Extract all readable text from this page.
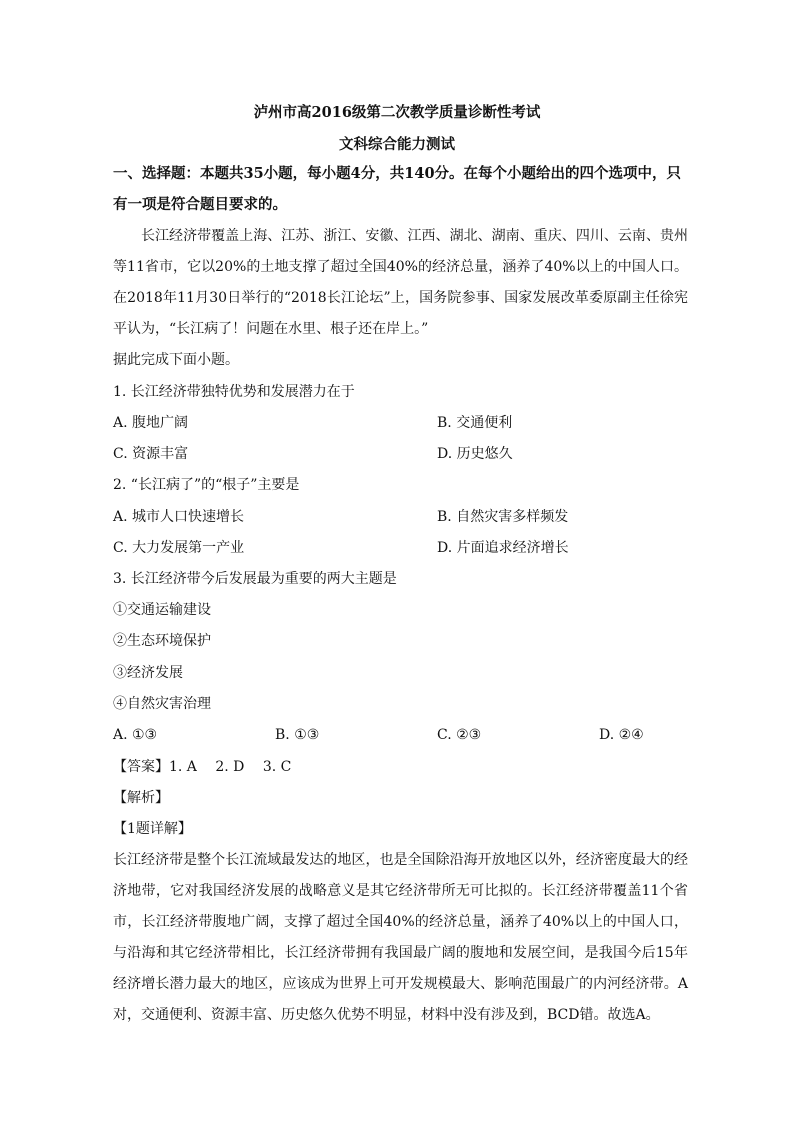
泸州市高2016级第二次教学质量诊断性考试
文科综合能力测试

一、选择题：本题共35小题，每小题4分，共140分。在每个小题给出的四个选项中，只有一项是符合题目要求的。

长江经济带覆盖上海、江苏、浙江、安徽、江西、湖北、湖南、重庆、四川、云南、贵州等11省市，它以20%的土地支撑了超过全国40%的经济总量，涵养了40%以上的中国人口。在2018年11月30日举行的“2018长江论坛”上，国务院参事、国家发展改革委原副主任徐宪平认为，“长江病了！问题在水里、根子还在岸上。”

据此完成下面小题。
1. 长江经济带独特优势和发展潜力在于
A. 腹地广阔	B. 交通便利
C. 资源丰富	D. 历史悠久
2. “长江病了”的“根子”主要是
A. 城市人口快速增长	B. 自然灾害多样频发
C. 大力发展第一产业	D. 片面追求经济增长
3. 长江经济带今后发展最为重要的两大主题是
①交通运输建设
②生态环境保护
③经济发展
④自然灾害治理
A. ①③	B. ①③	C. ②③	D. ②④
【答案】1. A　 2. D　 3. C
【解析】
【1题详解】

长江经济带是整个长江流域最发达的地区，也是全国除沿海开放地区以外，经济密度最大的经济地带，它对我国经济发展的战略意义是其它经济带所无可比拟的。长江经济带覆盖11个省市，长江经济带腹地广阔，支撑了超过全国40%的经济总量，涵养了40%以上的中国人口，与沿海和其它经济带相比，长江经济带拥有我国最广阔的腹地和发展空间，是我国今后15年经济增长潜力最大的地区，应该成为世界上可开发规模最大、影响范围最广的内河经济带。A对，交通便利、资源丰富、历史悠久优势不明显，材料中没有涉及到，BCD错。故选A。
